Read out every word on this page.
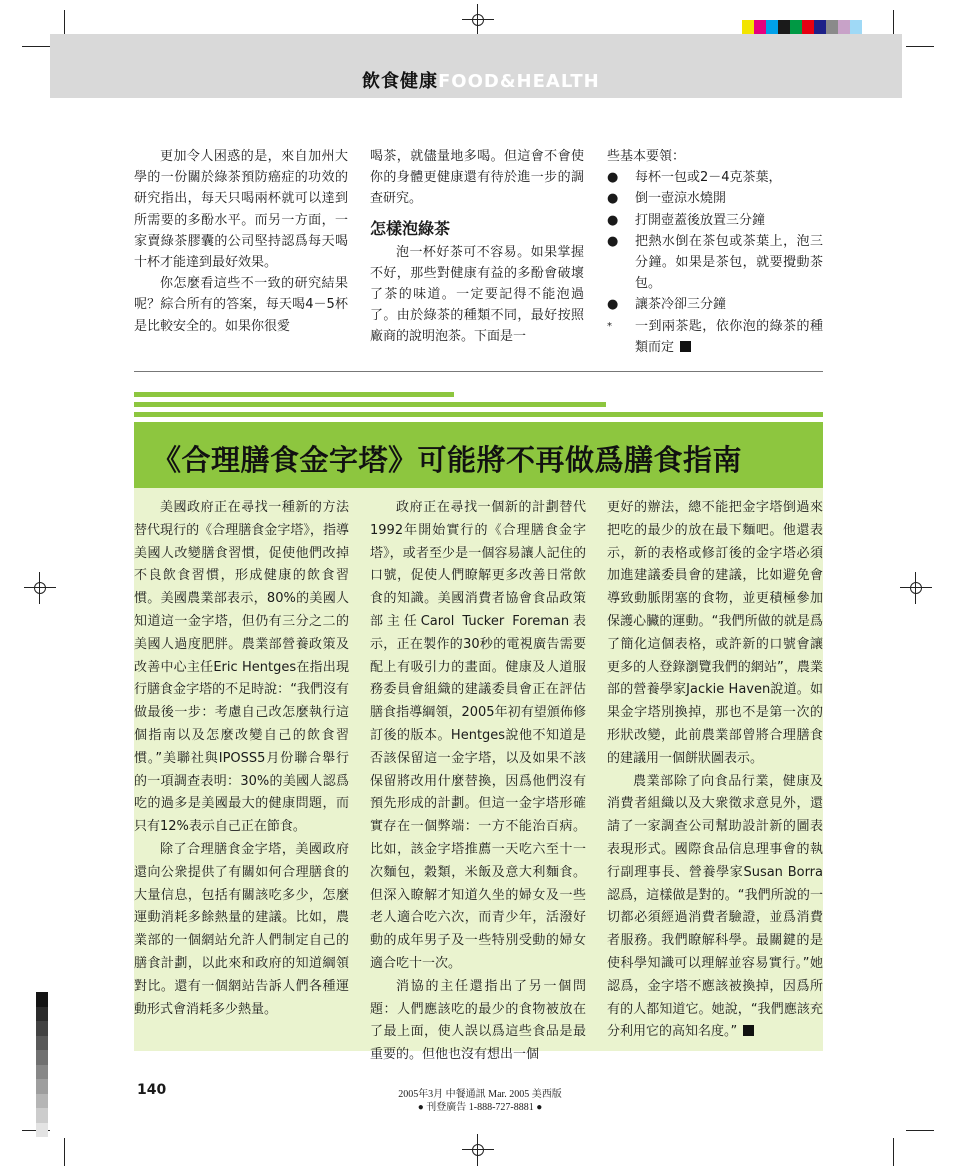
飲食健康FOOD&HEALTH

更加令人困惑的是，來自加州大學的一份關於綠茶預防癌症的功效的研究指出，每天只喝兩杯就可以達到所需要的多酚水平。而另一方面，一家賣綠茶膠囊的公司堅持認爲每天喝十杯才能達到最好效果。

你怎麼看這些不一致的研究結果呢？綜合所有的答案，每天喝4－5杯是比較安全的。如果你很愛

喝茶，就儘量地多喝。但這會不會使你的身體更健康還有待於進一步的調查研究。

怎樣泡綠茶

泡一杯好茶可不容易。如果掌握不好，那些對健康有益的多酚會破壞了茶的味道。一定要記得不能泡過了。由於綠茶的種類不同，最好按照廠商的說明泡茶。下面是一

些基本要領：

●	每杯一包或2－4克茶葉，
●	倒一壺涼水燒開
●	打開壺蓋後放置三分鐘
●	把熱水倒在茶包或茶葉上，泡三分鐘。如果是茶包，就要攪動茶包。
●	讓茶冷卻三分鐘
*	一到兩茶匙，依你泡的綠茶的種類而定
《合理膳食金字塔》可能將不再做爲膳食指南

美國政府正在尋找一種新的方法替代現行的《合理膳食金字塔》，指導美國人改變膳食習慣，促使他們改掉不良飲食習慣，形成健康的飲食習慣。美國農業部表示，80%的美國人知道這一金字塔，但仍有三分之二的美國人過度肥胖。農業部營養政策及改善中心主任Eric Hentges在指出現行膳食金字塔的不足時說：“我們沒有做最後一步：考慮自己改怎麼執行這個指南以及怎麼改變自己的飲食習慣。”美聯社與IPOSS5月份聯合舉行的一項調查表明：30%的美國人認爲吃的過多是美國最大的健康問題，而只有12%表示自己正在節食。

除了合理膳食金字塔，美國政府還向公衆提供了有關如何合理膳食的大量信息，包括有關該吃多少，怎麼運動消耗多餘熱量的建議。比如，農業部的一個網站允許人們制定自己的膳食計劃，以此來和政府的知道綱領對比。還有一個網站告訴人們各種運動形式會消耗多少熱量。

政府正在尋找一個新的計劃替代1992年開始實行的《合理膳食金字塔》，或者至少是一個容易讓人記住的口號，促使人們瞭解更多改善日常飲食的知識。美國消費者協會食品政策部主任Carol Tucker Foreman表示，正在製作的30秒的電視廣告需要配上有吸引力的畫面。健康及人道服務委員會組織的建議委員會正在評估膳食指導綱領，2005年初有望頒佈修訂後的版本。Hentges說他不知道是否該保留這一金字塔，以及如果不該保留將改用什麼替換，因爲他們沒有預先形成的計劃。但這一金字塔形確實存在一個弊端：一方不能治百病。比如，該金字塔推薦一天吃六至十一次麵包，穀類，米飯及意大利麵食。但深入瞭解才知道久坐的婦女及一些老人適合吃六次，而青少年，活潑好動的成年男子及一些特別受動的婦女適合吃十一次。

消協的主任還指出了另一個問題：人們應該吃的最少的食物被放在了最上面，使人誤以爲這些食品是最重要的。但他也沒有想出一個

更好的辦法，總不能把金字塔倒過來把吃的最少的放在最下麵吧。他還表示，新的表格或修訂後的金字塔必須加進建議委員會的建議，比如避免會導致動脈閉塞的食物，並更積極參加保護心臟的運動。“我們所做的就是爲了簡化這個表格，或許新的口號會讓更多的人登錄瀏覽我們的網站”，農業部的營養學家Jackie Haven說道。如果金字塔別換掉，那也不是第一次的形狀改變，此前農業部曾將合理膳食的建議用一個餅狀圖表示。

農業部除了向食品行業，健康及消費者組織以及大衆徵求意見外，還請了一家調查公司幫助設計新的圖表表現形式。國際食品信息理事會的執行副理事長、營養學家Susan Borra認爲，這樣做是對的。“我們所說的一切都必須經過消費者驗證，並爲消費者服務。我們瞭解科學。最關鍵的是使科學知識可以理解並容易實行。”她認爲，金字塔不應該被換掉，因爲所有的人都知道它。她說，“我們應該充分利用它的高知名度。”

140	2005年3月 中餐通訊 Mar. 2005 美西版
● 刊登廣告 1-888-727-8881 ●
